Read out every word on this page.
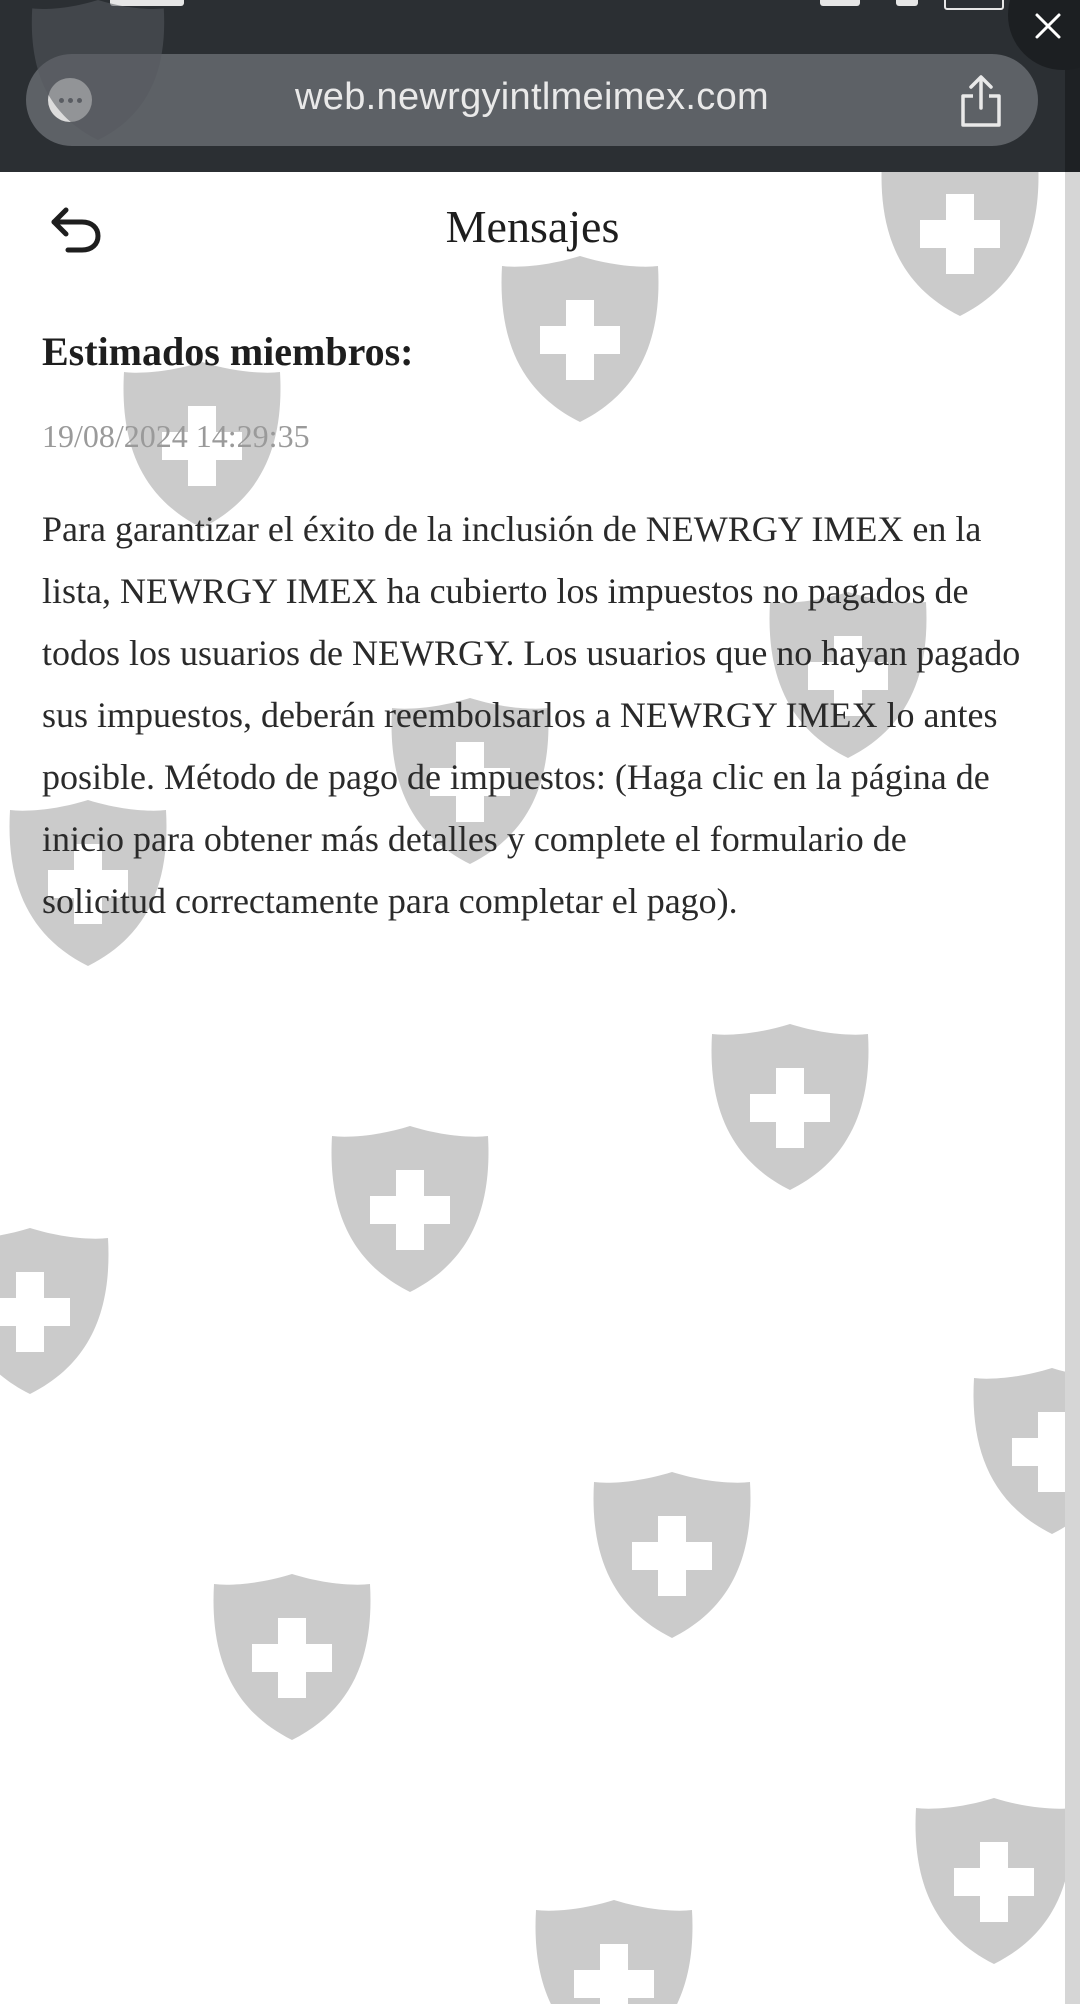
web.newrgyintlmeimex.com
Mensajes
Estimados miembros:
19/08/2024 14:29:35

Para garantizar el éxito de la inclusión de NEWRGY IMEX en la lista, NEWRGY IMEX ha cubierto los impuestos no pagados de todos los usuarios de NEWRGY. Los usuarios que no hayan pagado sus impuestos, deberán reembolsarlos a NEWRGY IMEX lo antes posible. Método de pago de impuestos: (Haga clic en la página de inicio para obtener más detalles y complete el formulario de solicitud correctamente para completar el pago).
